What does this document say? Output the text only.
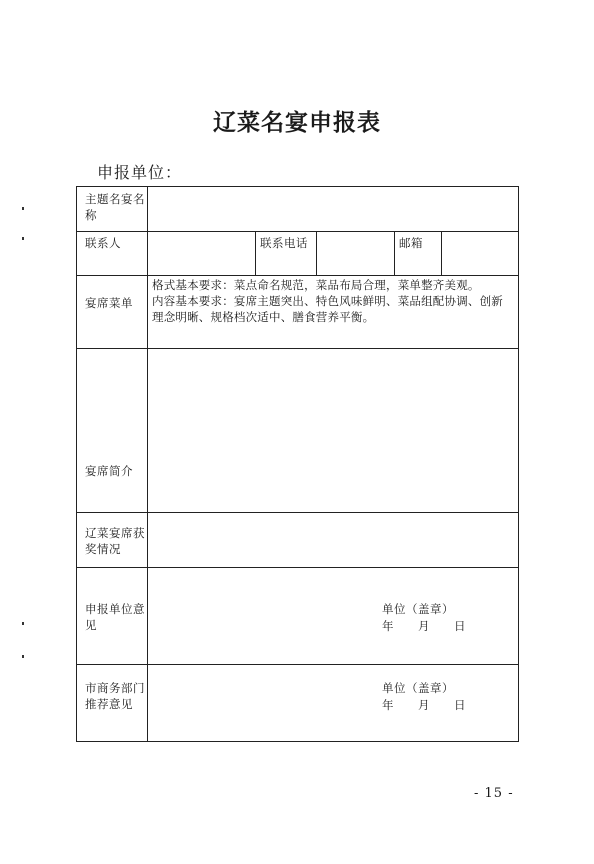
辽菜名宴申报表
申报单位：
主题名宴名称
联系人	联系电话	邮箱
宴席菜单
格式基本要求：菜点命名规范，菜品布局合理，菜单整齐美观。
内容基本要求：宴席主题突出、特色风味鲜明、菜品组配协调、创新理念明晰、规格档次适中、膳食营养平衡。
宴席简介
辽菜宴席获奖情况
申报单位意见
单位（盖章）
年　　月　　日
市商务部门推荐意见
单位（盖章）
年　　月　　日
- 15 -
